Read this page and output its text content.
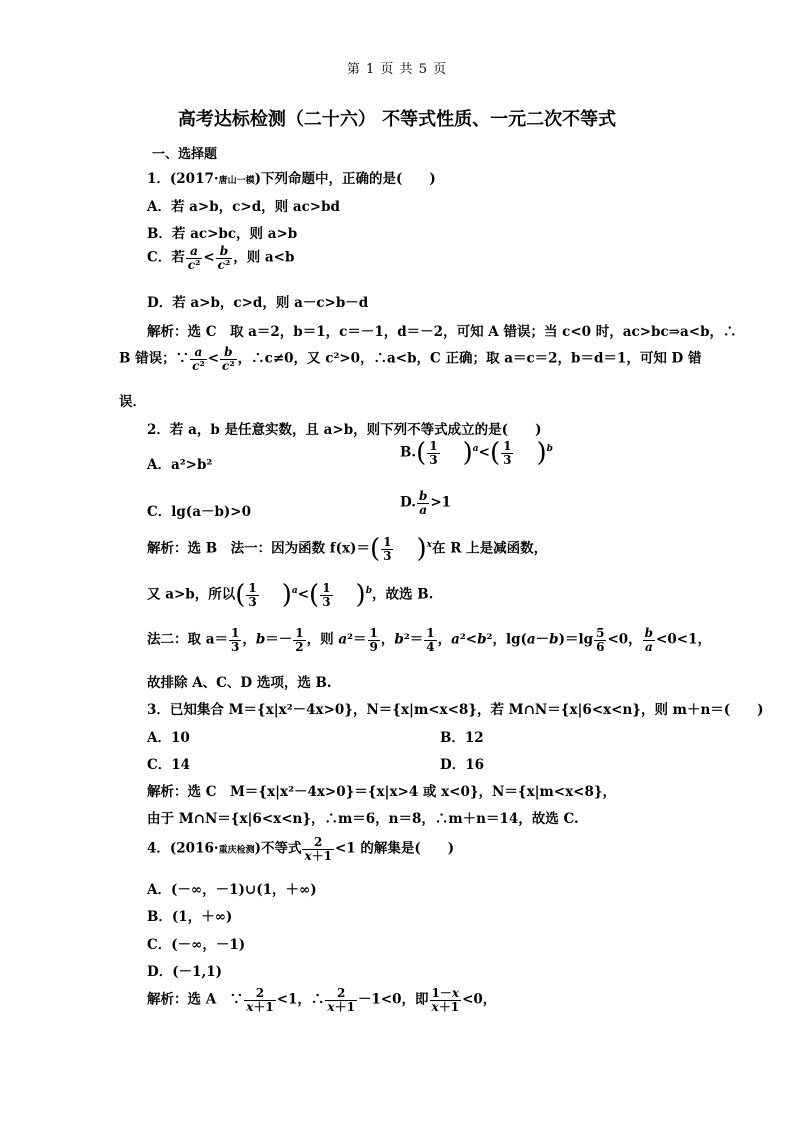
第 1 页 共 5 页
高考达标检测（二十六） 不等式性质、一元二次不等式
一、选择题
1．(2017·唐山一模)下列命题中，正确的是(　　)
A．若 a>b，c>d，则 ac>bd
B．若 ac>bc，则 a>b
C．若 $\frac{a}{\text{c²}} < \frac{b}{\text{c²}}$ ，则 a<b
D．若 a>b，c>d，则 a－c>b－d
解析：选 C　取 a＝2，b＝1，c＝－1，d＝－2，可知 A 错误；当 c<0 时，ac>bc⇒a<b，∴
B 错误；∵ $\frac{a}{\text{c²}} < \frac{b}{\text{c²}}$ ，∴c≠0，又 c²>0，∴a<b，C 正确；取 a＝c＝2，b＝d＝1，可知 D 错
误．
2．若 a，b 是任意实数，且 a>b，则下列不等式成立的是(　　)
A．a²>b²
$B.( \frac{1}{3} )^a<( \frac{1}{3} )^b$
C．lg(a－b)>0
D. $\frac{b}{a} >1$
解析：选 B　法一：因为函数 $f(x)=( \frac{1}{3} )^x$在 R 上是减函数，
又 a>b，所以( $\frac{1}{3} )^a<( \frac{1}{3} )^b$，故选 B.
法二：取 $a= \frac{1}{3}$ ，$b=- \frac{1}{2}$ ，则 $a^2= \frac{1}{9}$ ，$b^2= \frac{1}{4}$ ，a²<b²，$\lg(a-b)=\lg \frac{5}{6} <0$， $\frac{b}{a} <0<1$，
故排除 A、C、D 选项，选 B.
3．已知集合 M＝{x|x²－4x>0}，N＝{x|m<x<8}，若 M∩N＝{x|6<x<n}，则 m＋n＝(　　)
A．10	B．12
C．14	D．16
解析：选 C　M＝{x|x²－4x>0}＝{x|x>4 或 x<0}，N＝{x|m<x<8}，
由于 M∩N＝{x|6<x<n}，∴m＝6，n＝8，∴m＋n＝14，故选 C.
4．(2016·重庆检测)不等式 $\frac{2}{x+1} <1$ 的解集是(　　)
A．(－∞，－1)∪(1，＋∞)
B．(1，＋∞)
C．(－∞，－1)
D．(－1,1)
解析：选 A　∵ $\frac{2}{x+1} <1$，∴ $\frac{2}{x+1} -1<0$，即 $\frac{1-x}{x+1} <0$，
